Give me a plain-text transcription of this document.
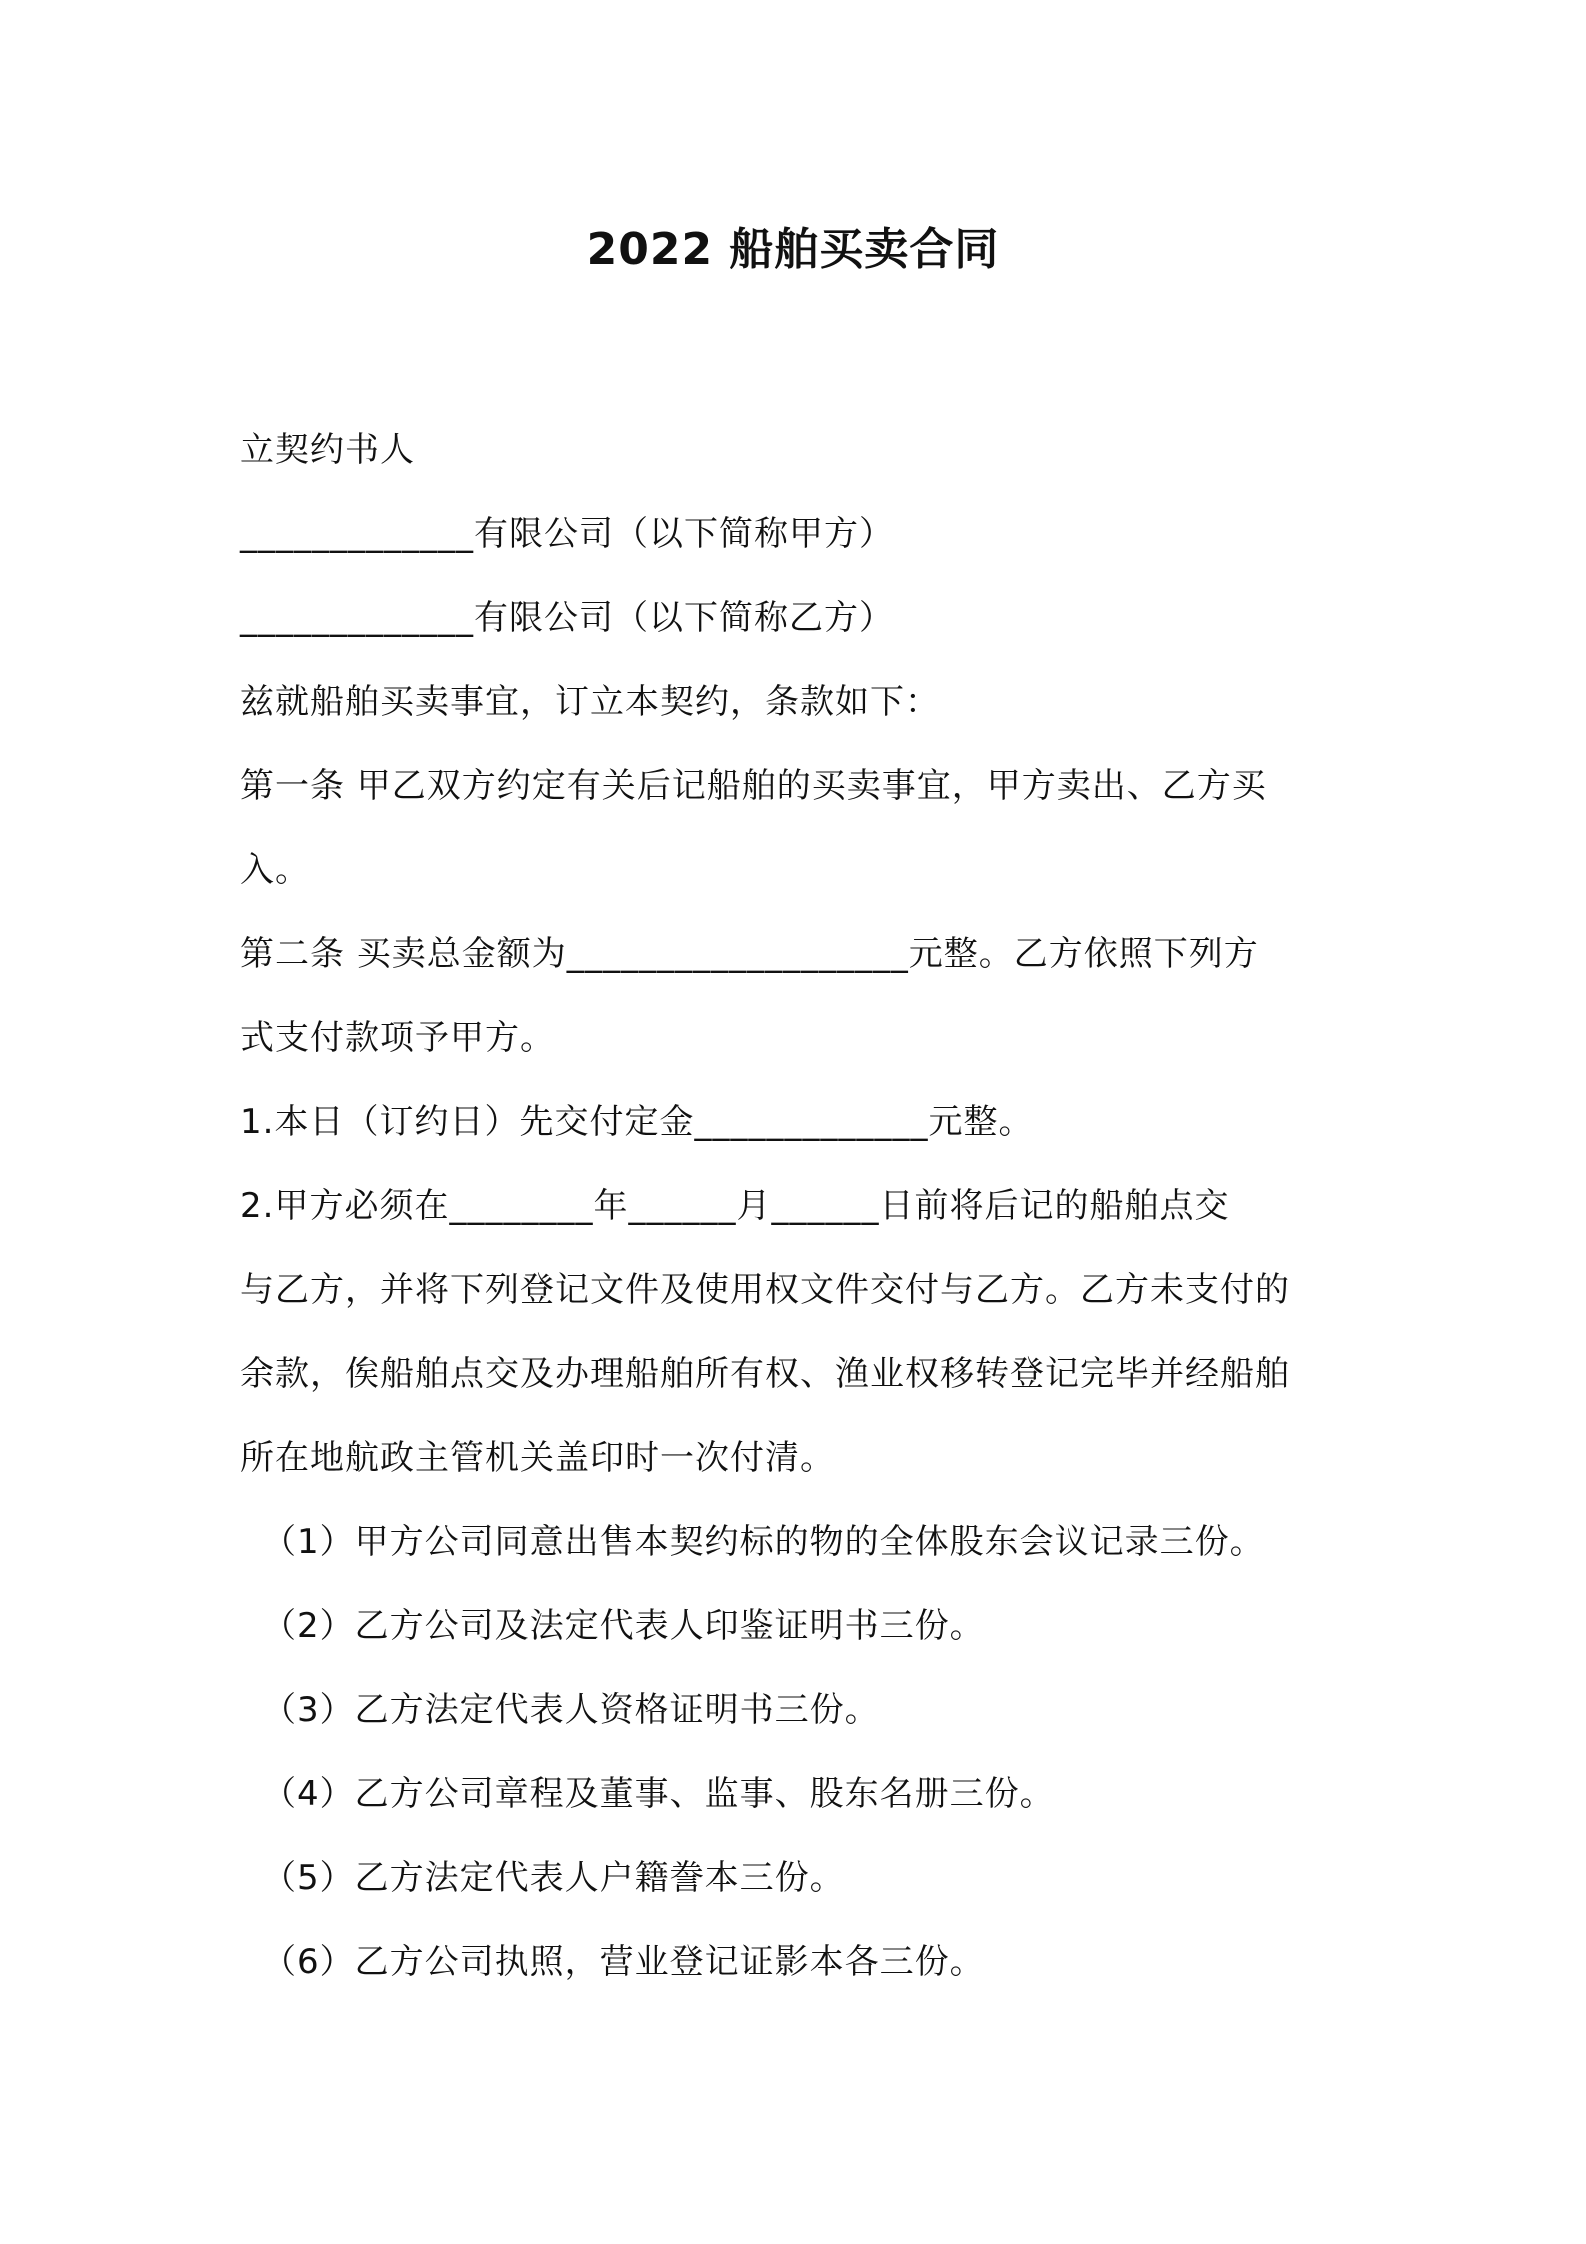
2022 船舶买卖合同
立契约书人
_____________有限公司（以下简称甲方）
_____________有限公司（以下简称乙方）
兹就船舶买卖事宜，订立本契约，条款如下：
第一条 甲乙双方约定有关后记船舶的买卖事宜，甲方卖出、乙方买
入。
第二条 买卖总金额为___________________元整。乙方依照下列方
式支付款项予甲方。
1.本日（订约日）先交付定金_____________元整。
2.甲方必须在________年______月______日前将后记的船舶点交
与乙方，并将下列登记文件及使用权文件交付与乙方。乙方未支付的
余款，俟船舶点交及办理船舶所有权、渔业权移转登记完毕并经船舶
所在地航政主管机关盖印时一次付清。
（1）甲方公司同意出售本契约标的物的全体股东会议记录三份。
（2）乙方公司及法定代表人印鉴证明书三份。
（3）乙方法定代表人资格证明书三份。
（4）乙方公司章程及董事、监事、股东名册三份。
（5）乙方法定代表人户籍誊本三份。
（6）乙方公司执照，营业登记证影本各三份。
